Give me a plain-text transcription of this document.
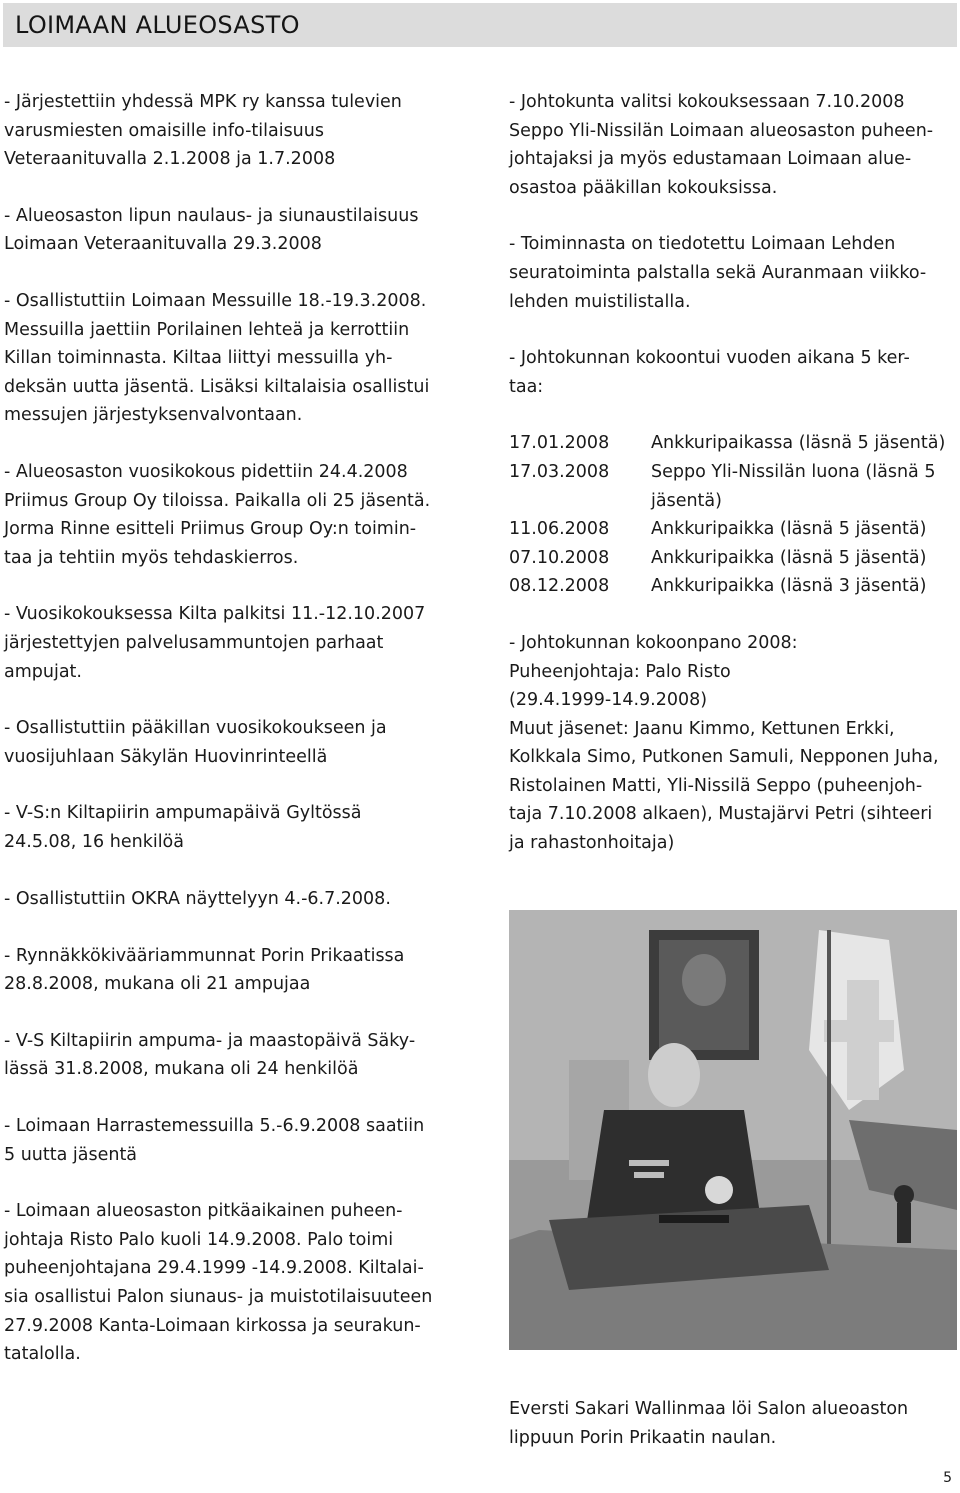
LOIMAAN ALUEOSASTO

- Järjestettiin yhdessä MPK ry kanssa tulevien
varusmiesten omaisille info-tilaisuus
Veteraanituvalla 2.1.2008 ja 1.7.2008

- Alueosaston lipun naulaus- ja siunaustilaisuus
Loimaan Veteraanituvalla 29.3.2008

- Osallistuttiin Loimaan Messuille 18.-19.3.2008.
Messuilla jaettiin Porilainen lehteä ja kerrottiin
Killan toiminnasta. Kiltaa liittyi messuilla yh-
deksän uutta jäsentä. Lisäksi kiltalaisia osallistui
messujen järjestyksenvalvontaan.

- Alueosaston vuosikokous pidettiin 24.4.2008
Priimus Group Oy tiloissa. Paikalla oli 25 jäsentä.
Jorma Rinne esitteli Priimus Group Oy:n toimin-
taa ja tehtiin myös tehdaskierros.

- Vuosikokouksessa Kilta palkitsi 11.-12.10.2007
järjestettyjen palvelusammuntojen parhaat
ampujat.

- Osallistuttiin pääkillan vuosikokoukseen ja
vuosijuhlaan Säkylän Huovinrinteellä

- V-S:n Kiltapiirin ampumapäivä Gyltössä
24.5.08, 16 henkilöä

- Osallistuttiin OKRA näyttelyyn 4.-6.7.2008.

- Rynnäkkökivääriammunnat Porin Prikaatissa
28.8.2008, mukana oli 21 ampujaa

- V-S Kiltapiirin ampuma- ja maastopäivä Säky-
lässä 31.8.2008, mukana oli 24 henkilöä

- Loimaan Harrastemessuilla 5.-6.9.2008 saatiin
5 uutta jäsentä

- Loimaan alueosaston pitkäaikainen puheen-
johtaja Risto Palo kuoli 14.9.2008. Palo toimi
puheenjohtajana 29.4.1999 -14.9.2008. Kiltalai-
sia osallistui Palon siunaus- ja muistotilaisuuteen
27.9.2008 Kanta-Loimaan kirkossa ja seurakun-
tatalolla.

- Johtokunta valitsi kokouksessaan 7.10.2008
Seppo Yli-Nissilän Loimaan alueosaston puheen-
johtajaksi ja myös edustamaan Loimaan alue-
osastoa pääkillan kokouksissa.

- Toiminnasta on tiedotettu Loimaan Lehden
seuratoiminta palstalla sekä Auranmaan viikko-
lehden muistilistalla.

- Johtokunnan kokoontui vuoden aikana 5 ker-
taa:

17.01.2008	Ankkuripaikassa (läsnä 5 jäsentä)
17.03.2008	Seppo Yli-Nissilän luona (läsnä 5
jäsentä)
11.06.2008	Ankkuripaikka (läsnä 5 jäsentä)
07.10.2008	Ankkuripaikka (läsnä 5 jäsentä)
08.12.2008	Ankkuripaikka (läsnä 3 jäsentä)

- Johtokunnan kokoonpano 2008:
Puheenjohtaja: Palo Risto
(29.4.1999-14.9.2008)
Muut jäsenet: Jaanu Kimmo, Kettunen Erkki,
Kolkkala Simo, Putkonen Samuli, Nepponen Juha,
Ristolainen Matti, Yli-Nissilä Seppo (puheenjoh-
taja 7.10.2008 alkaen), Mustajärvi Petri (sihteeri
ja rahastonhoitaja)

Eversti Sakari Wallinmaa löi Salon alueoaston
lippuun Porin Prikaatin naulan.
5
